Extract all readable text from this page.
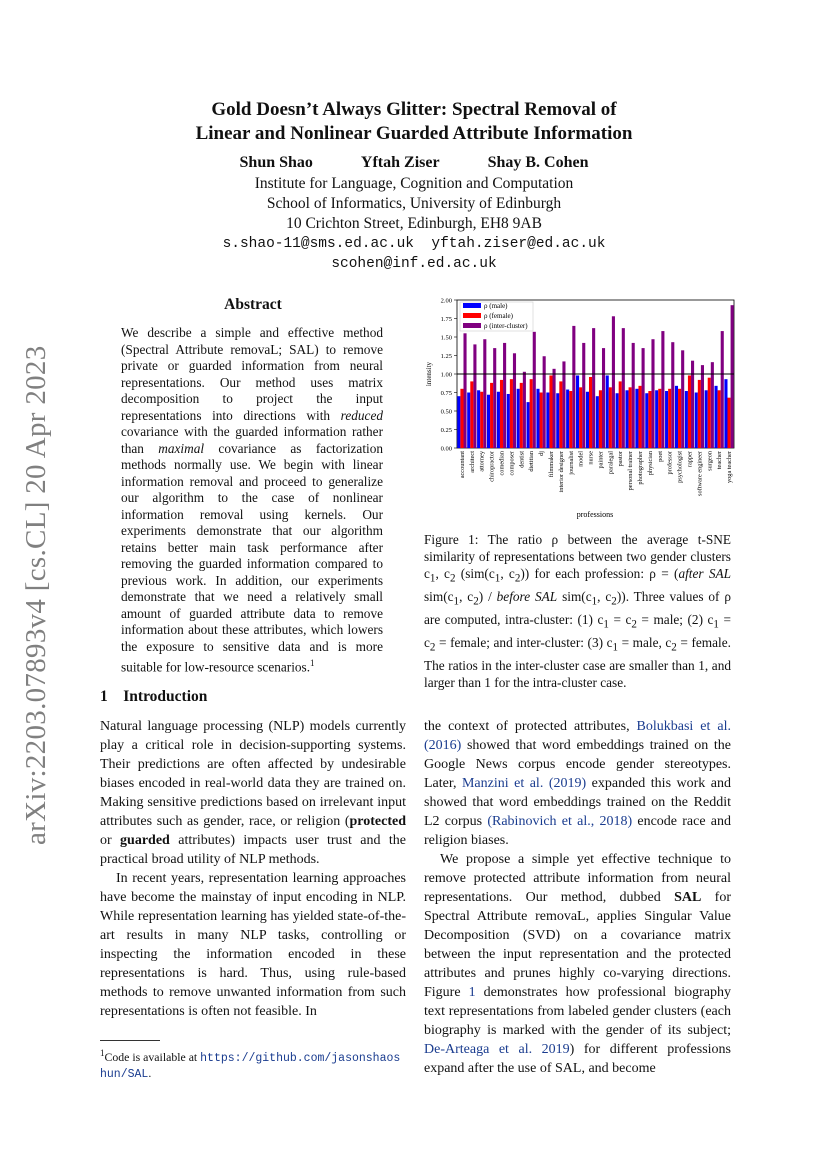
arXiv:2203.07893v4 [cs.CL] 20 Apr 2023
Gold Doesn’t Always Glitter: Spectral Removal of
Linear and Nonlinear Guarded Attribute Information
Shun Shao	Yftah Ziser	Shay B. Cohen
Institute for Language, Cognition and Computation
School of Informatics, University of Edinburgh
10 Crichton Street, Edinburgh, EH8 9AB
s.shao-11@sms.ed.ac.uk  yftah.ziser@ed.ac.uk
scohen@inf.ed.ac.uk
Abstract
We describe a simple and effective method (Spectral Attribute removaL; SAL) to remove private or guarded information from neural representations. Our method uses matrix decomposition to project the input representations into directions with reduced covariance with the guarded information rather than maximal covariance as factorization methods normally use. We begin with linear information removal and proceed to generalize our algorithm to the case of nonlinear information removal using kernels. Our experiments demonstrate that our algorithm retains better main task performance after removing the guarded information compared to previous work. In addition, our experiments demonstrate that we need a relatively small amount of guarded attribute data to remove information about these attributes, which lowers the exposure to sensitive data and is more suitable for low-resource scenarios.$^1$
1 Introduction

Natural language processing (NLP) models currently play a critical role in decision-supporting systems. Their predictions are often affected by undesirable biases encoded in real-world data they are trained on. Making sensitive predictions based on irrelevant input attributes such as gender, race, or religion (protected or guarded attributes) impacts user trust and the practical broad utility of NLP methods.

In recent years, representation learning approaches have become the mainstay of input encoding in NLP. While representation learning has yielded state-of-the-art results in many NLP tasks, controlling or inspecting the information encoded in these representations is hard. Thus, using rule-based methods to remove unwanted information from such representations is often not feasible. In

the context of protected attributes, Bolukbasi et al. (2016) showed that word embeddings trained on the Google News corpus encode gender stereotypes. Later, Manzini et al. (2019) expanded this work and showed that word embeddings trained on the Reddit L2 corpus (Rabinovich et al., 2018) encode race and religion biases.

We propose a simple yet effective technique to remove protected attribute information from neural representations. Our method, dubbed SAL for Spectral Attribute removaL, applies Singular Value Decomposition (SVD) on a covariance matrix between the input representation and the protected attributes and prunes highly co-varying directions. Figure 1 demonstrates how professional biography text representations from labeled gender clusters (each biography is marked with the gender of its subject; De-Arteaga et al. 2019) for different professions expand after the use of SAL, and become

0.00
0.25
0.50
0.75
1.00
1.25
1.50
1.75
2.00
accountant architect attorney chiropractor comedian composer dentist dietitian dj filmmaker interior designer journalist model nurse painter paralegal pastor personal trainer photographer physician poet professor psychologist rapper software engineer surgeon teacher yoga teacher
intensity
professions
ρ (male)
ρ (female)
ρ (inter-cluster)
Figure 1: The ratio ρ between the average t-SNE similarity of representations between two gender clusters $c_1$, $c_2$ ($sim(c_1$, $c_2$)) for each profession: ρ = (after SAL $sim(c_1$, $c_2$) / before SAL $sim(c_1$, $c_2$)). Three values of ρ are computed, intra-cluster: (1) $c_1 = c_2$ = male; (2) $c_1 = c_2$ = female; and inter-cluster: (3) $c_1$ = male, $c_2$ = female. The ratios in the inter-cluster case are smaller than 1, and larger than 1 for the intra-cluster case.
$^1$Code is available at https://github.com/jasonshaoshun/SAL.
